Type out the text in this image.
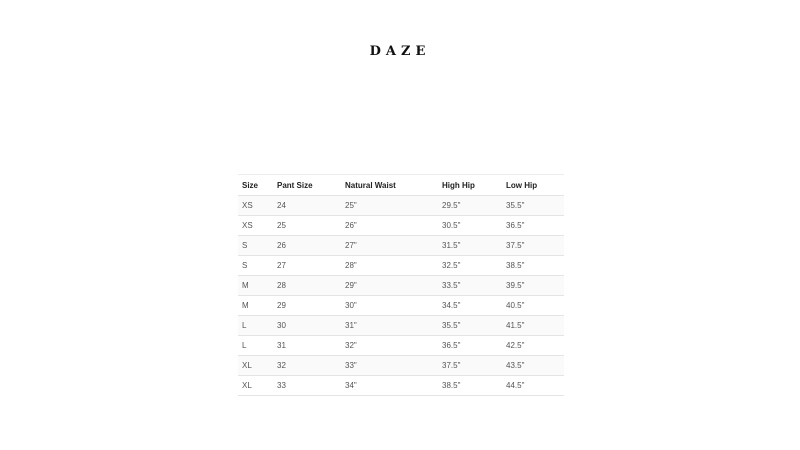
DAZE
Size	Pant Size	Natural Waist	High Hip	Low Hip
XS	24	25"	29.5"	35.5"
XS	25	26"	30.5"	36.5"
S	26	27"	31.5"	37.5"
S	27	28"	32.5"	38.5"
M	28	29"	33.5"	39.5"
M	29	30"	34.5"	40.5"
L	30	31"	35.5"	41.5"
L	31	32"	36.5"	42.5"
XL	32	33"	37.5"	43.5"
XL	33	34"	38.5"	44.5"
